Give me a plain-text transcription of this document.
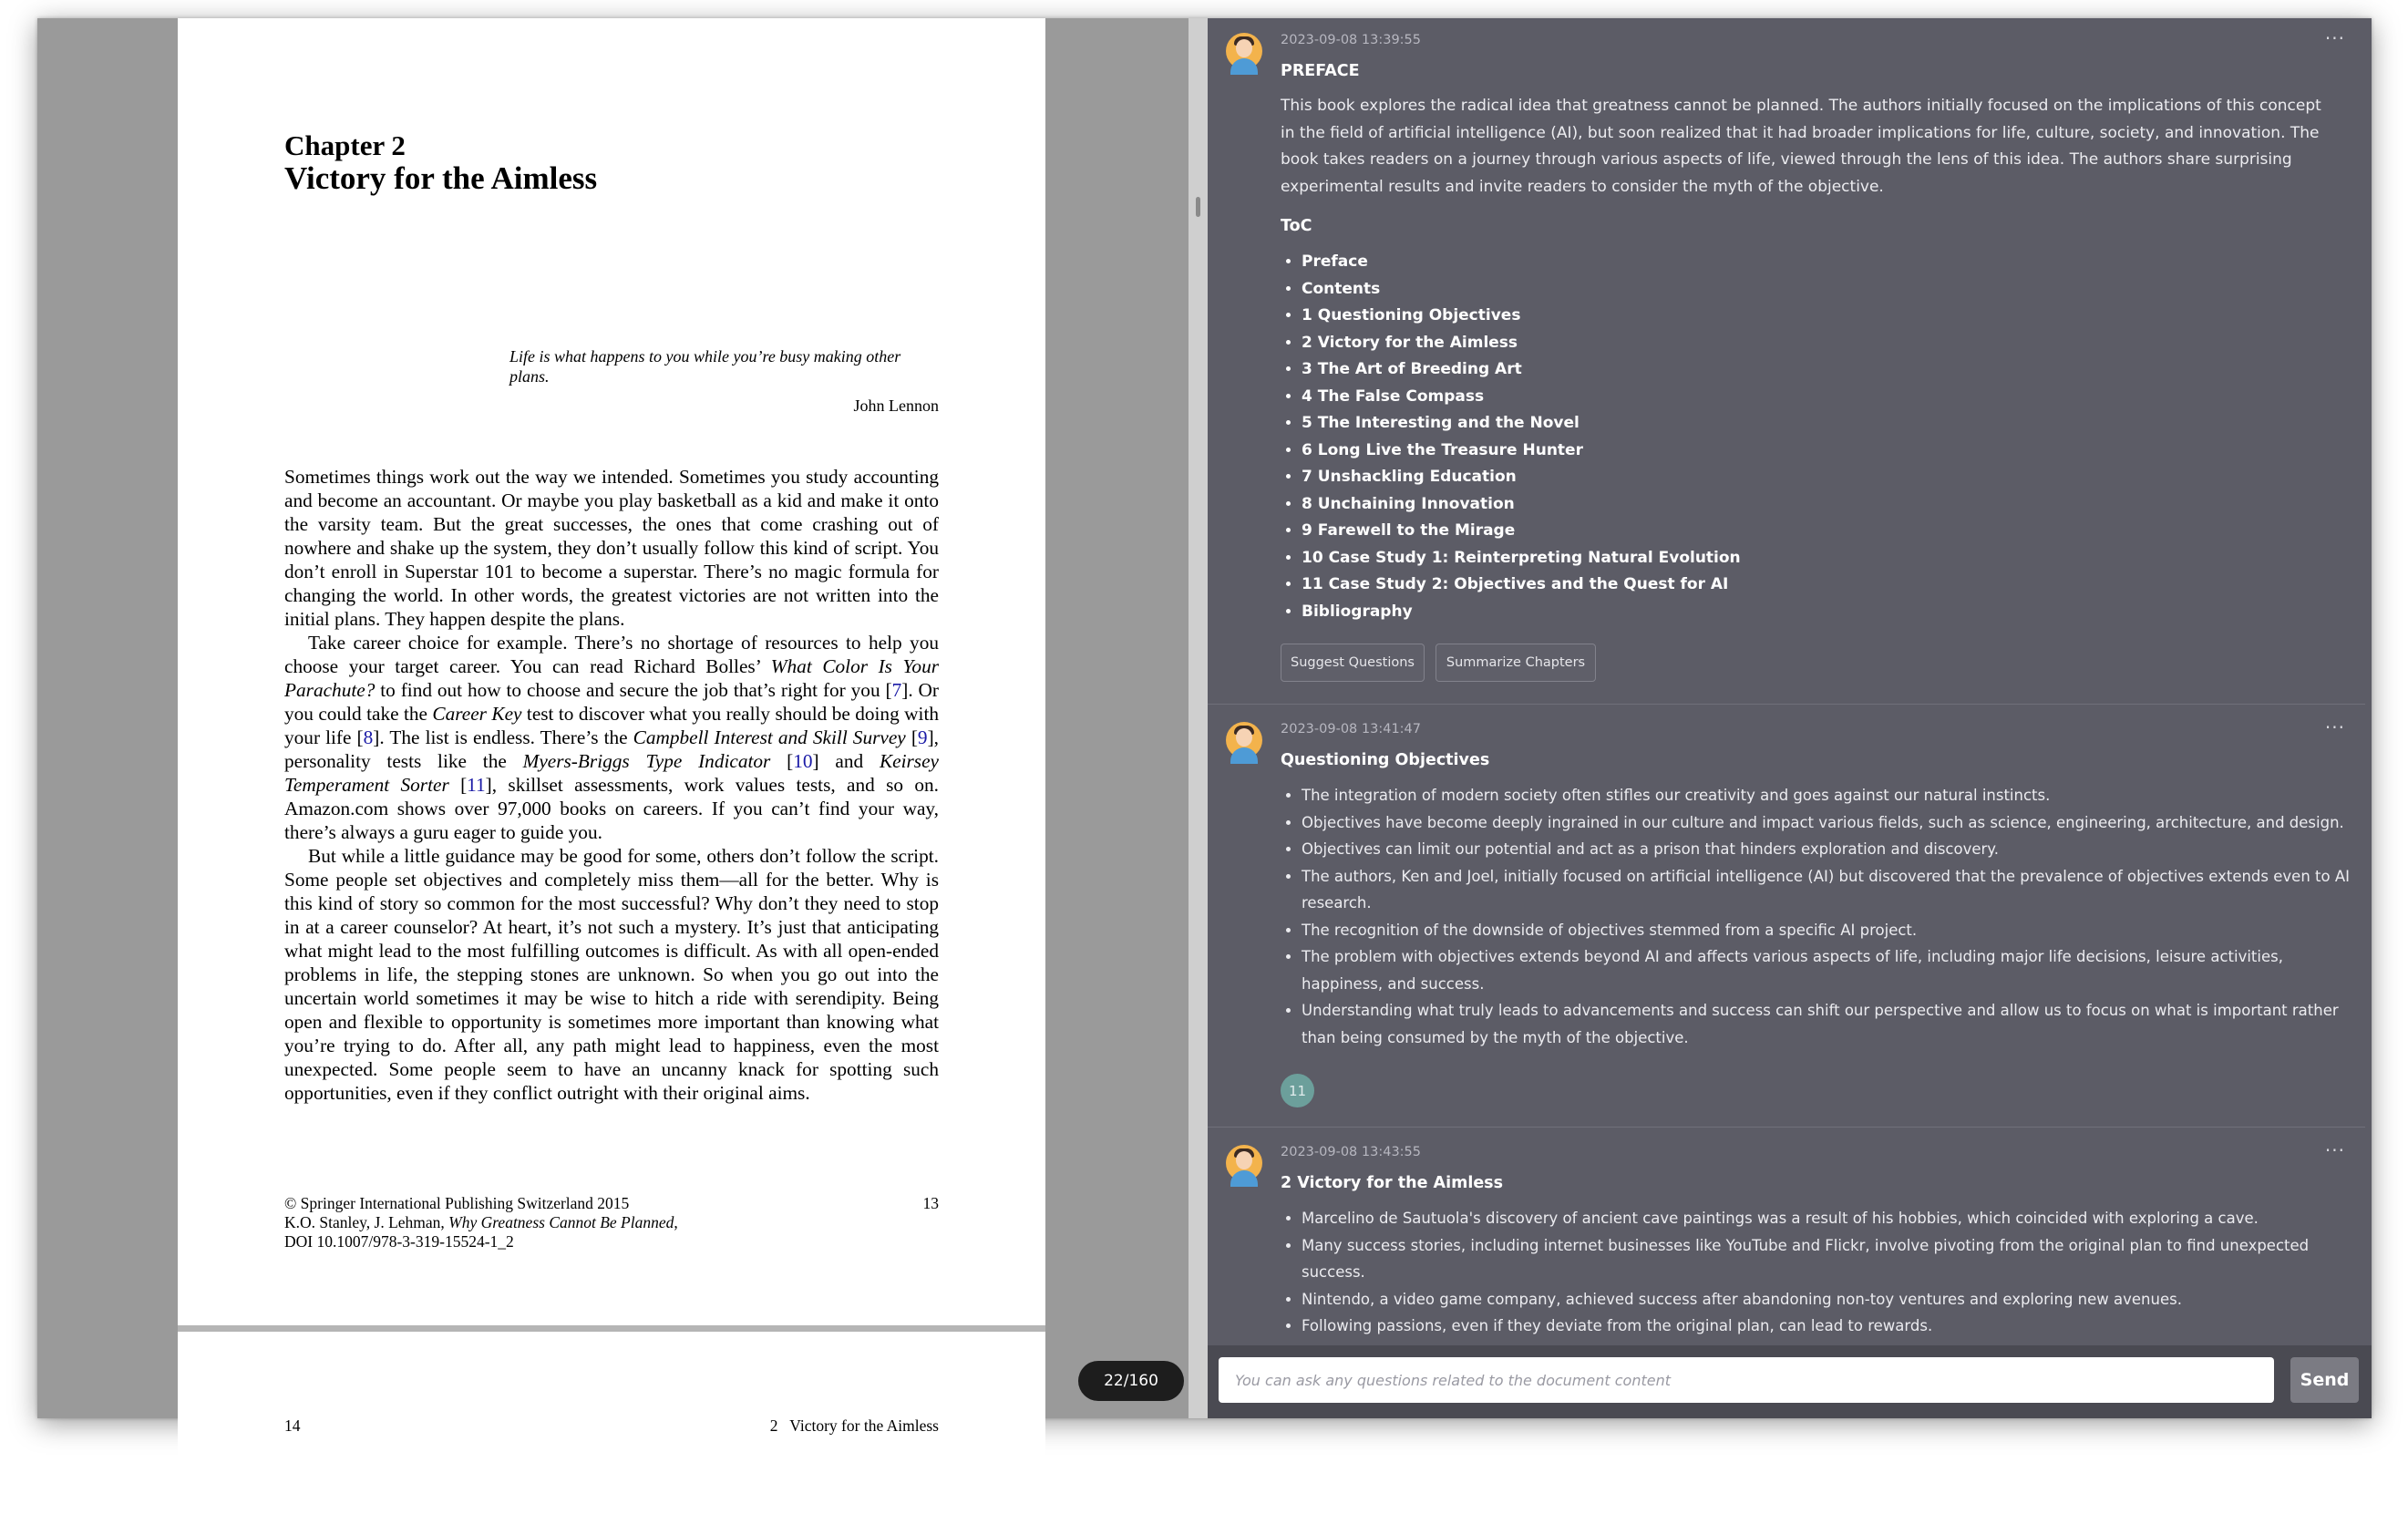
Chapter 2
Victory for the Aimless
Life is what happens to you while you’re busy making other plans.
John Lennon

Sometimes things work out the way we intended. Sometimes you study accounting and become an accountant. Or maybe you play basketball as a kid and make it onto the varsity team. But the great successes, the ones that come crashing out of nowhere and shake up the system, they don’t usually follow this kind of script. You don’t enroll in Superstar 101 to become a superstar. There’s no magic formula for changing the world. In other words, the greatest victories are not written into the initial plans. They happen despite the plans.

Take career choice for example. There’s no shortage of resources to help you choose your target career. You can read Richard Bolles’ What Color Is Your Parachute? to find out how to choose and secure the job that’s right for you [7]. Or you could take the Career Key test to discover what you really should be doing with your life [8]. The list is endless. There’s the Campbell Interest and Skill Survey [9], personality tests like the Myers-Briggs Type Indicator [10] and Keirsey Temperament Sorter [11], skillset assessments, work values tests, and so on. Amazon.com shows over 97,000 books on careers. If you can’t find your way, there’s always a guru eager to guide you.

But while a little guidance may be good for some, others don’t follow the script. Some people set objectives and completely miss them—all for the better. Why is this kind of story so common for the most successful? Why don’t they need to stop in at a career counselor? At heart, it’s not such a mystery. It’s just that anticipating what might lead to the most fulfilling outcomes is difficult. As with all open-ended problems in life, the stepping stones are unknown. So when you go out into the uncertain world sometimes it may be wise to hitch a ride with serendipity. Being open and flexible to opportunity is sometimes more important than knowing what you’re trying to do. After all, any path might lead to happiness, even the most unexpected. Some people seem to have an uncanny knack for spotting such opportunities, even if they conflict outright with their original aims.

© Springer International Publishing Switzerland 2015
K.O. Stanley, J. Lehman, Why Greatness Cannot Be Planned,
DOI 10.1007/978-3-319-15524-1_2
13
14	2   Victory for the Aimless
22/160
2023-09-08 13:39:55	···
PREFACE
This book explores the radical idea that greatness cannot be planned. The authors initially focused on the implications of this concept in the field of artificial intelligence (AI), but soon realized that it had broader implications for life, culture, society, and innovation. The book takes readers on a journey through various aspects of life, viewed through the lens of this idea. The authors share surprising experimental results and invite readers to consider the myth of the objective.
ToC
• Preface
• Contents
• 1 Questioning Objectives
• 2 Victory for the Aimless
• 3 The Art of Breeding Art
• 4 The False Compass
• 5 The Interesting and the Novel
• 6 Long Live the Treasure Hunter
• 7 Unshackling Education
• 8 Unchaining Innovation
• 9 Farewell to the Mirage
• 10 Case Study 1: Reinterpreting Natural Evolution
• 11 Case Study 2: Objectives and the Quest for AI
• Bibliography
Suggest Questions	Summarize Chapters
2023-09-08 13:41:47	···
Questioning Objectives
• The integration of modern society often stifles our creativity and goes against our natural instincts.
• Objectives have become deeply ingrained in our culture and impact various fields, such as science, engineering, architecture, and design.
• Objectives can limit our potential and act as a prison that hinders exploration and discovery.
• The authors, Ken and Joel, initially focused on artificial intelligence (AI) but discovered that the prevalence of objectives extends even to AI research.
• The recognition of the downside of objectives stemmed from a specific AI project.
• The problem with objectives extends beyond AI and affects various aspects of life, including major life decisions, leisure activities, happiness, and success.
• Understanding what truly leads to advancements and success can shift our perspective and allow us to focus on what is important rather than being consumed by the myth of the objective.
11
2023-09-08 13:43:55	···
2 Victory for the Aimless
• Marcelino de Sautuola's discovery of ancient cave paintings was a result of his hobbies, which coincided with exploring a cave.
• Many success stories, including internet businesses like YouTube and Flickr, involve pivoting from the original plan to find unexpected success.
• Nintendo, a video game company, achieved success after abandoning non-toy ventures and exploring new avenues.
• Following passions, even if they deviate from the original plan, can lead to rewards.
You can ask any questions related to the document content
Send
